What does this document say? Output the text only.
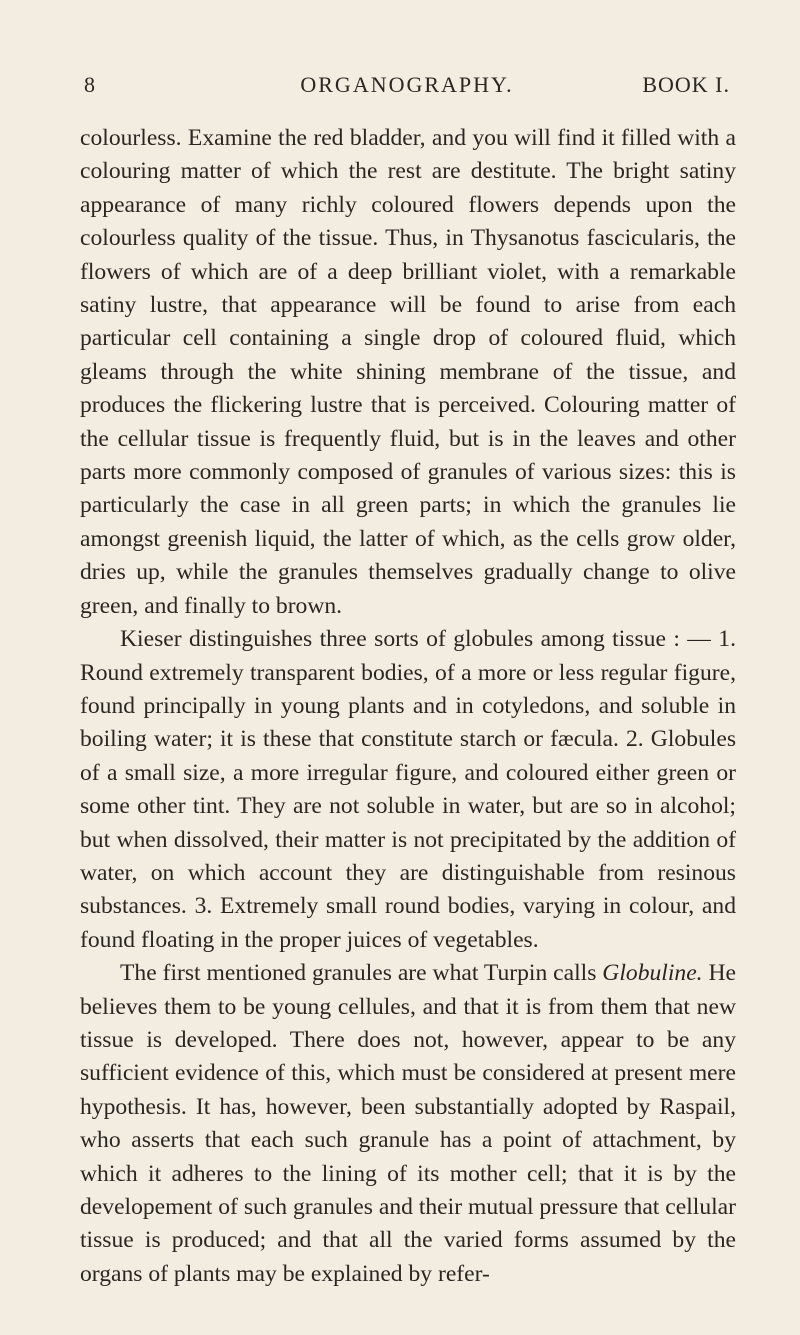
8	ORGANOGRAPHY.	BOOK I.

colourless. Examine the red bladder, and you will find it filled with a colouring matter of which the rest are destitute. The bright satiny appearance of many richly coloured flowers depends upon the colourless quality of the tissue. Thus, in Thysanotus fascicularis, the flowers of which are of a deep brilliant violet, with a remarkable satiny lustre, that appearance will be found to arise from each particular cell containing a single drop of coloured fluid, which gleams through the white shining membrane of the tissue, and produces the flickering lustre that is perceived. Colouring matter of the cellular tissue is frequently fluid, but is in the leaves and other parts more commonly composed of granules of various sizes: this is particularly the case in all green parts; in which the granules lie amongst greenish liquid, the latter of which, as the cells grow older, dries up, while the granules themselves gradually change to olive green, and finally to brown.

Kieser distinguishes three sorts of globules among tissue : — 1. Round extremely transparent bodies, of a more or less regular figure, found principally in young plants and in cotyledons, and soluble in boiling water; it is these that constitute starch or fæcula. 2. Globules of a small size, a more irregular figure, and coloured either green or some other tint. They are not soluble in water, but are so in alcohol; but when dissolved, their matter is not precipitated by the addition of water, on which account they are distinguishable from resinous substances. 3. Extremely small round bodies, varying in colour, and found floating in the proper juices of vegetables.

The first mentioned granules are what Turpin calls Globuline. He believes them to be young cellules, and that it is from them that new tissue is developed. There does not, however, appear to be any sufficient evidence of this, which must be considered at present mere hypothesis. It has, however, been substantially adopted by Raspail, who asserts that each such granule has a point of attachment, by which it adheres to the lining of its mother cell; that it is by the developement of such granules and their mutual pressure that cellular tissue is produced; and that all the varied forms assumed by the organs of plants may be explained by refer-
